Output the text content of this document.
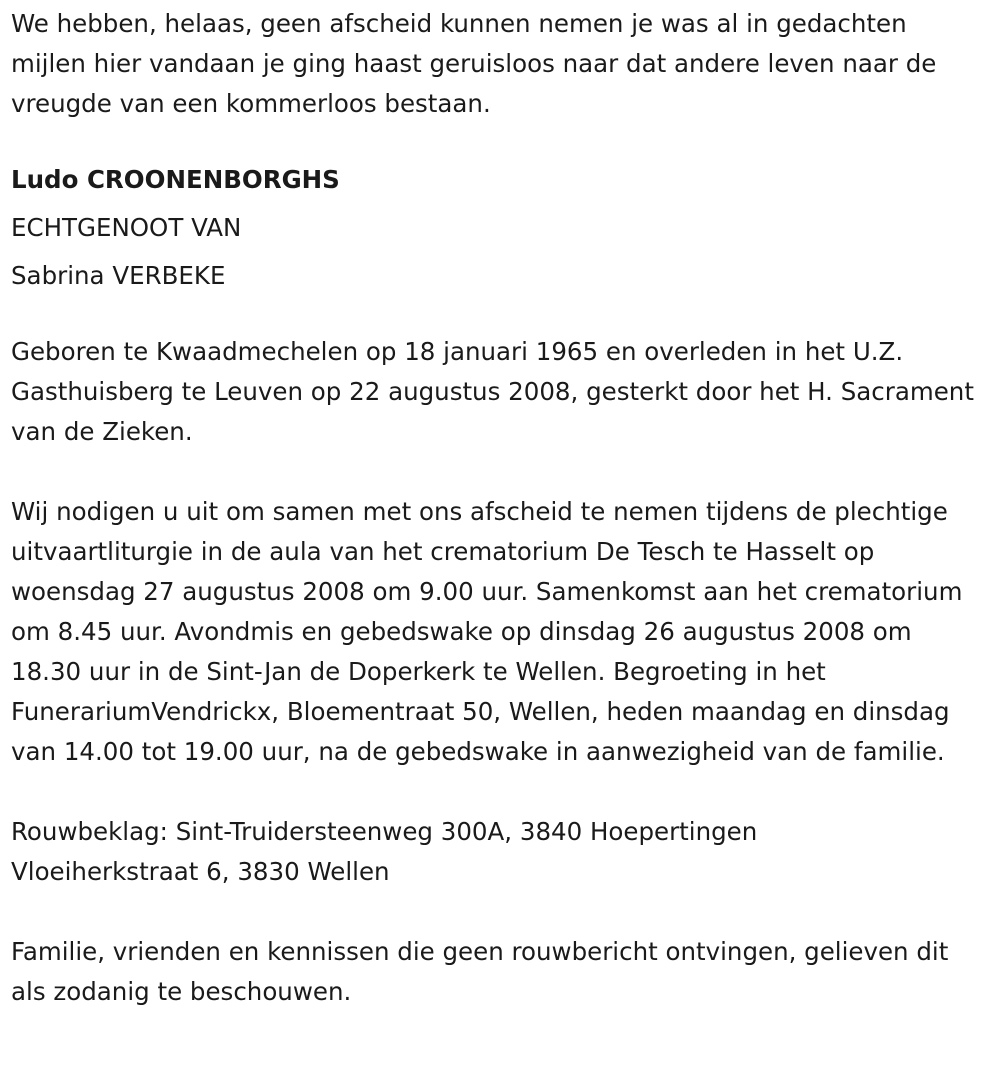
We hebben, helaas, geen afscheid kunnen nemen je was al in gedachten mijlen hier vandaan je ging haast geruisloos naar dat andere leven naar de vreugde van een kommerloos bestaan.

Ludo CROONENBORGHS

ECHTGENOOT VAN

Sabrina VERBEKE

Geboren te Kwaadmechelen op 18 januari 1965 en overleden in het U.Z. Gasthuisberg te Leuven op 22 augustus 2008, gesterkt door het H. Sacrament van de Zieken.

Wij nodigen u uit om samen met ons afscheid te nemen tijdens de plechtige uitvaartliturgie in de aula van het crematorium De Tesch te Hasselt op woensdag 27 augustus 2008 om 9.00 uur. Samenkomst aan het crematorium om 8.45 uur. Avondmis en gebedswake op dinsdag 26 augustus 2008 om 18.30 uur in de Sint-Jan de Doperkerk te Wellen. Begroeting in het FunerariumVendrickx, Bloementraat 50, Wellen, heden maandag en dinsdag van 14.00 tot 19.00 uur, na de gebedswake in aanwezigheid van de familie.

Rouwbeklag: Sint-Truidersteenweg 300A, 3840 Hoepertingen

Vloeiherkstraat 6, 3830 Wellen

Familie, vrienden en kennissen die geen rouwbericht ontvingen, gelieven dit als zodanig te beschouwen.
